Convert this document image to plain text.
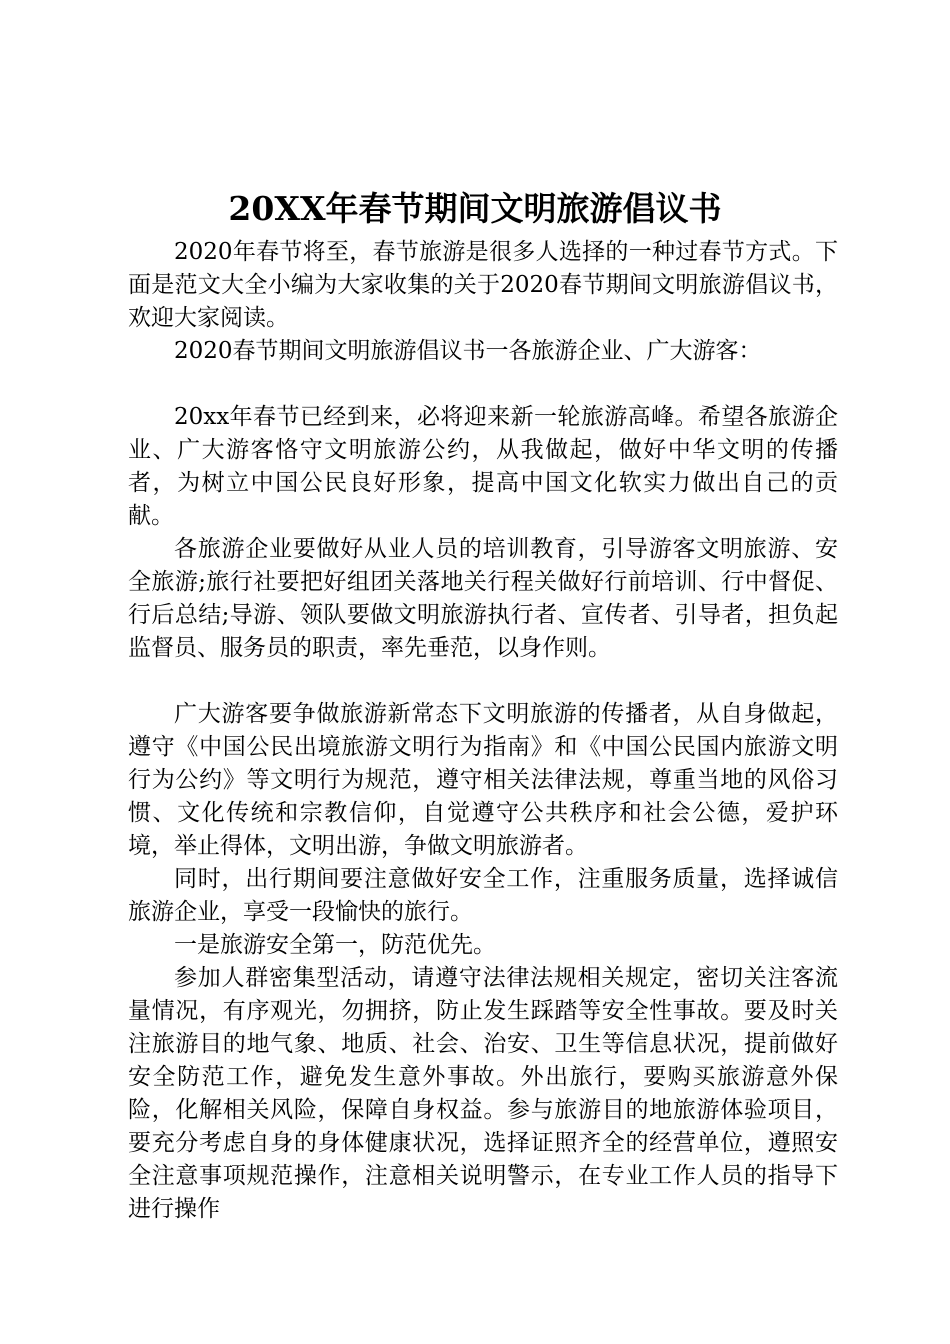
20XX年春节期间文明旅游倡议书

2020年春节将至，春节旅游是很多人选择的一种过春节方式。下面是范文大全小编为大家收集的关于2020春节期间文明旅游倡议书，欢迎大家阅读。

2020春节期间文明旅游倡议书一各旅游企业、广大游客：

20xx年春节已经到来，必将迎来新一轮旅游高峰。希望各旅游企业、广大游客恪守文明旅游公约，从我做起，做好中华文明的传播者，为树立中国公民良好形象，提高中国文化软实力做出自己的贡献。

各旅游企业要做好从业人员的培训教育，引导游客文明旅游、安全旅游;旅行社要把好组团关落地关行程关做好行前培训、行中督促、行后总结;导游、领队要做文明旅游执行者、宣传者、引导者，担负起监督员、服务员的职责，率先垂范，以身作则。

广大游客要争做旅游新常态下文明旅游的传播者，从自身做起，遵守《中国公民出境旅游文明行为指南》和《中国公民国内旅游文明行为公约》等文明行为规范，遵守相关法律法规，尊重当地的风俗习惯、文化传统和宗教信仰，自觉遵守公共秩序和社会公德，爱护环境，举止得体，文明出游，争做文明旅游者。

同时，出行期间要注意做好安全工作，注重服务质量，选择诚信旅游企业，享受一段愉快的旅行。

一是旅游安全第一，防范优先。

参加人群密集型活动，请遵守法律法规相关规定，密切关注客流量情况，有序观光，勿拥挤，防止发生踩踏等安全性事故。要及时关注旅游目的地气象、地质、社会、治安、卫生等信息状况，提前做好安全防范工作，避免发生意外事故。外出旅行，要购买旅游意外保险，化解相关风险，保障自身权益。参与旅游目的地旅游体验项目，要充分考虑自身的身体健康状况，选择证照齐全的经营单位，遵照安全注意事项规范操作，注意相关说明警示，在专业工作人员的指导下进行操作
